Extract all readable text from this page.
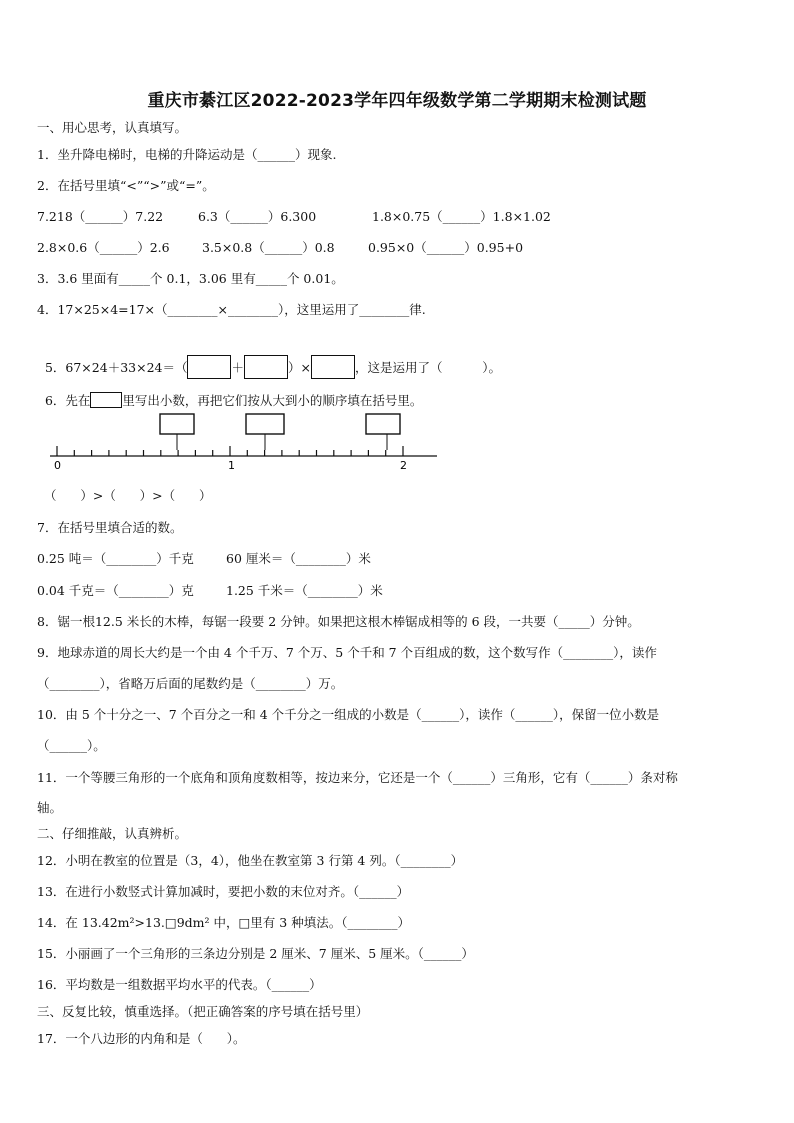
重庆市綦江区2022-2023学年四年级数学第二学期期末检测试题
一、用心思考，认真填写。
1．坐升降电梯时，电梯的升降运动是（______）现象.
2．在括号里填“<”“>”或“=”。
7.218（______）7.22	6.3（______）6.300	1.8×0.75（______）1.8×1.02
2.8×0.6（______）2.6	3.5×0.8（______）0.8	0.95×0（______）0.95+0
3．3.6 里面有_____个 0.1，3.06 里有_____个 0.01。
4．17×25×4=17×（________×________），这里运用了________律.

5．67×24＋33×24＝（	＋	）×	，这是运用了（          ）。

6．先在	里写出小数，再把它们按从大到小的顺序填在括号里。

0	1	2
（      ）>（      ）>（      ）
7．在括号里填合适的数。
0.25 吨＝（________）千克	60 厘米＝（________）米
0.04 千克＝（________）克	1.25 千米＝（________）米
8．锯一根12.5 米长的木棒，每锯一段要 2 分钟。如果把这根木棒锯成相等的 6 段，一共要（_____）分钟。
9．地球赤道的周长大约是一个由 4 个千万、7 个万、5 个千和 7 个百组成的数，这个数写作（________），读作
（________），省略万后面的尾数约是（________）万。
10．由 5 个十分之一、7 个百分之一和 4 个千分之一组成的小数是（______），读作（______），保留一位小数是
（______）。
11．一个等腰三角形的一个底角和顶角度数相等，按边来分，它还是一个（______）三角形，它有（______）条对称
轴。
二、仔细推敲，认真辨析。
12．小明在教室的位置是（3，4），他坐在教室第 3 行第 4 列。（________）
13．在进行小数竖式计算加减时，要把小数的末位对齐。（______）
14．在 13.42m²>13.□9dm² 中，□里有 3 种填法。（________）
15．小丽画了一个三角形的三条边分别是 2 厘米、7 厘米、5 厘米。（______）
16．平均数是一组数据平均水平的代表。（______）
三、反复比较，慎重选择。（把正确答案的序号填在括号里）
17．一个八边形的内角和是（      ）。
